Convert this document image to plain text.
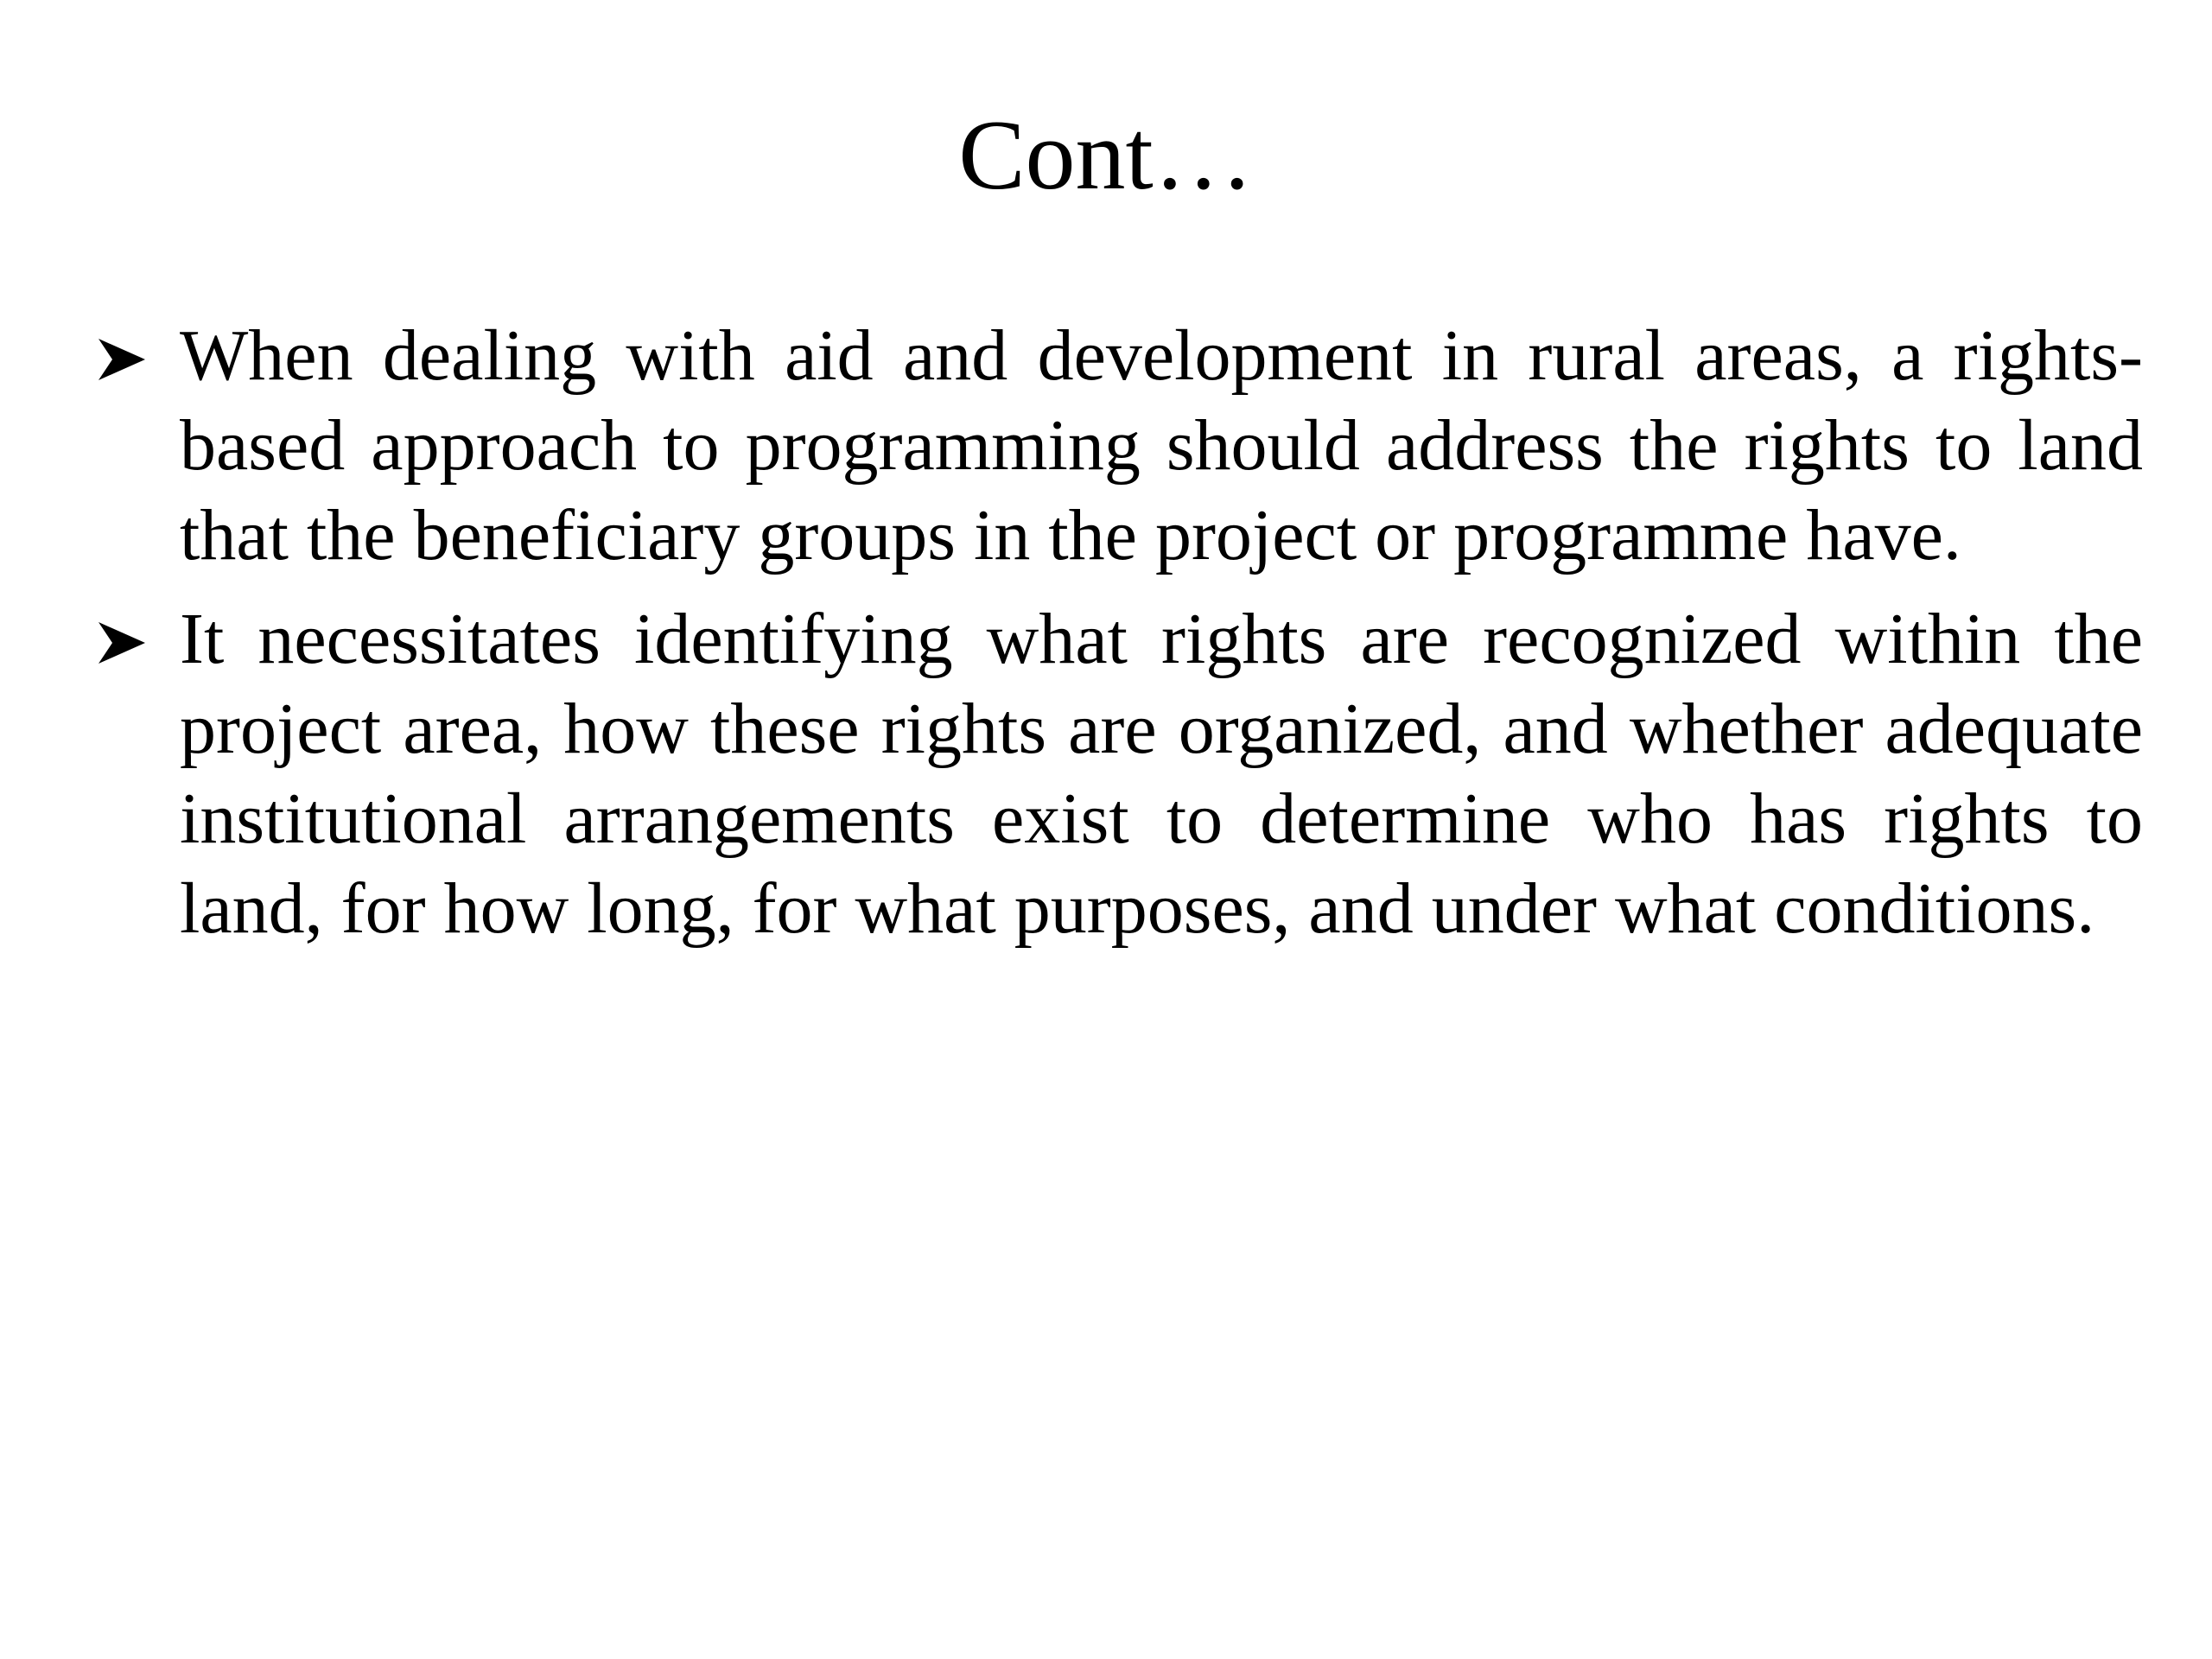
Cont…
When dealing with aid and development in rural areas, a rights-based approach to programming should address the rights to land that the beneficiary groups in the project or programme have.
It necessitates identifying what rights are recognized within the project area, how these rights are organized, and whether adequate institutional arrangements exist to determine who has rights to land, for how long, for what purposes, and under what conditions.
